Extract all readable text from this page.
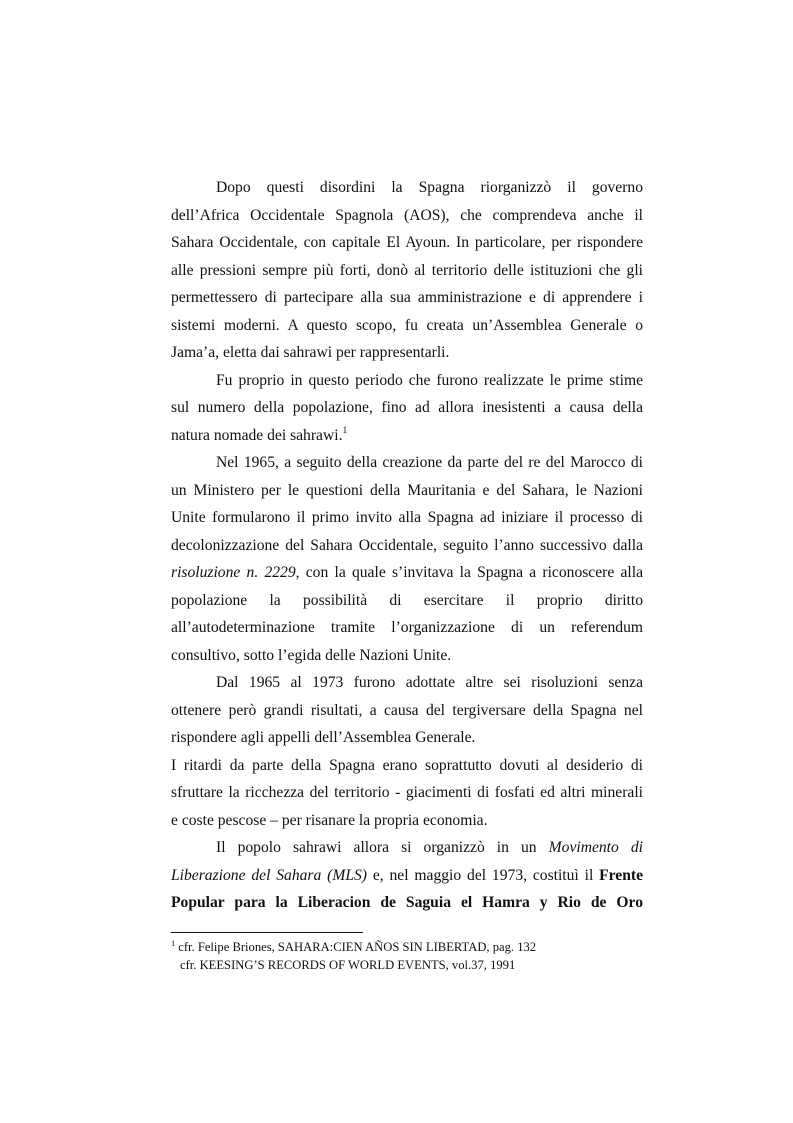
Dopo questi disordini la Spagna riorganizzò il governo
dell’Africa Occidentale Spagnola (AOS), che comprendeva anche il
Sahara Occidentale, con capitale El Ayoun. In particolare, per rispondere
alle pressioni sempre più forti, donò al territorio delle istituzioni che gli
permettessero di partecipare alla sua amministrazione e di apprendere i
sistemi moderni. A questo scopo, fu creata un’Assemblea Generale o
Jama’a, eletta dai sahrawi per rappresentarli.

Fu proprio in questo periodo che furono realizzate le prime stime
sul numero della popolazione, fino ad allora inesistenti a causa della
natura nomade dei sahrawi.$^1$

Nel 1965, a seguito della creazione da parte del re del Marocco di
un Ministero per le questioni della Mauritania e del Sahara, le Nazioni
Unite formularono il primo invito alla Spagna ad iniziare il processo di
decolonizzazione del Sahara Occidentale, seguito l’anno successivo dalla
risoluzione n. 2229, con la quale s’invitava la Spagna a riconoscere alla
popolazione la possibilità di esercitare il proprio diritto
all’autodeterminazione tramite l’organizzazione di un referendum
consultivo, sotto l’egida delle Nazioni Unite.

Dal 1965 al 1973 furono adottate altre sei risoluzioni senza
ottenere però grandi risultati, a causa del tergiversare della Spagna nel
rispondere agli appelli dell’Assemblea Generale.

I ritardi da parte della Spagna erano soprattutto dovuti al desiderio di
sfruttare la ricchezza del territorio - giacimenti di fosfati ed altri minerali
e coste pescose – per risanare la propria economia.

Il popolo sahrawi allora si organizzò in un Movimento di
Liberazione del Sahara (MLS) e, nel maggio del 1973, costituì il Frente
Popular para la Liberacion de Saguia el Hamra y Rio de Oro

$^1$ cfr. Felipe Briones, SAHARA:CIEN AÑOS SIN LIBERTAD, pag. 132
cfr. KEESING’S RECORDS OF WORLD EVENTS, vol.37, 1991
